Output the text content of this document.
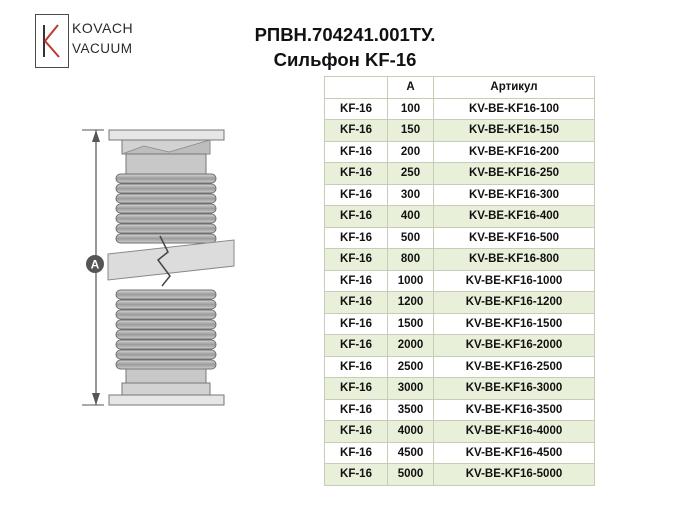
KOVACH
VACUUM
РПВН.704241.001ТУ.
Сильфон KF-16
A
	A	Артикул
KF-16	100	KV-BE-KF16-100
KF-16	150	KV-BE-KF16-150
KF-16	200	KV-BE-KF16-200
KF-16	250	KV-BE-KF16-250
KF-16	300	KV-BE-KF16-300
KF-16	400	KV-BE-KF16-400
KF-16	500	KV-BE-KF16-500
KF-16	800	KV-BE-KF16-800
KF-16	1000	KV-BE-KF16-1000
KF-16	1200	KV-BE-KF16-1200
KF-16	1500	KV-BE-KF16-1500
KF-16	2000	KV-BE-KF16-2000
KF-16	2500	KV-BE-KF16-2500
KF-16	3000	KV-BE-KF16-3000
KF-16	3500	KV-BE-KF16-3500
KF-16	4000	KV-BE-KF16-4000
KF-16	4500	KV-BE-KF16-4500
KF-16	5000	KV-BE-KF16-5000
